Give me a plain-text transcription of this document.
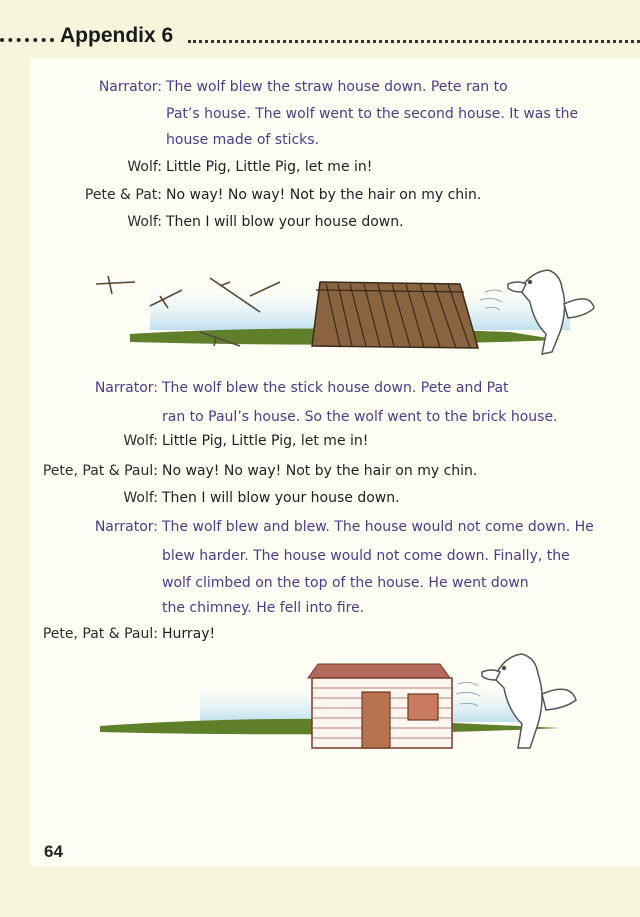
Appendix 6
Narrator: The wolf blew the straw house down. Pete ran to
Pat’s house. The wolf went to the second house. It was the
house made of sticks.
Wolf: Little Pig, Little Pig, let me in!
Pete & Pat: No way! No way! Not by the hair on my chin.
Wolf: Then I will blow your house down.
Narrator: The wolf blew the stick house down. Pete and Pat
ran to Paul’s house. So the wolf went to the brick house.
Wolf: Little Pig, Little Pig, let me in!
Pete, Pat & Paul: No way! No way! Not by the hair on my chin.
Wolf: Then I will blow your house down.
Narrator: The wolf blew and blew. The house would not come down. He
blew harder. The house would not come down. Finally, the
wolf climbed on the top of the house. He went down
the chimney. He fell into fire.
Pete, Pat & Paul: Hurray!
64
